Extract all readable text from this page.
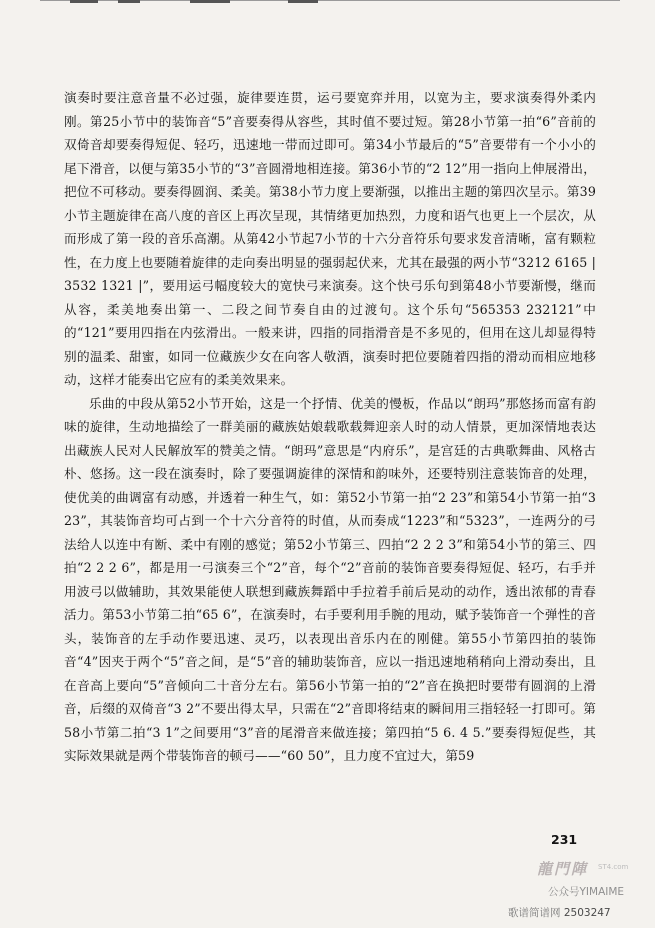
演奏时要注意音量不必过强，旋律要连贯，运弓要宽弈并用，以宽为主，要求演奏得外柔内刚。第25小节中的装饰音“5”音要奏得从容些，其时值不要过短。第28小节第一拍“6”音前的双倚音却要奏得短促、轻巧，迅速地一带而过即可。第34小节最后的“5”音要带有一个小小的尾下滑音，以便与第35小节的“3”音圆滑地相连接。第36小节的“2 12”用一指向上伸展滑出，把位不可移动。要奏得圆润、柔美。第38小节力度上要渐强，以推出主题的第四次呈示。第39小节主题旋律在高八度的音区上再次呈现，其情绪更加热烈，力度和语气也更上一个层次，从而形成了第一段的音乐高潮。从第42小节起7小节的十六分音符乐句要求发音清晰，富有颗粒性，在力度上也要随着旋律的走向奏出明显的强弱起伏来，尤其在最强的两小节“3212 6165 | 3532 1321 |”，要用运弓幅度较大的宽快弓来演奏。这个快弓乐句到第48小节要渐慢，继而从容，柔美地奏出第一、二段之间节奏自由的过渡句。这个乐句“565353 232121”中的“121”要用四指在内弦滑出。一般来讲，四指的同指滑音是不多见的，但用在这儿却显得特别的温柔、甜蜜，如同一位藏族少女在向客人敬酒，演奏时把位要随着四指的滑动而相应地移动，这样才能奏出它应有的柔美效果来。

乐曲的中段从第52小节开始，这是一个抒情、优美的慢板，作品以“朗玛”那悠扬而富有韵味的旋律，生动地描绘了一群美丽的藏族姑娘载歌载舞迎亲人时的动人情景，更加深情地表达出藏族人民对人民解放军的赞美之情。“朗玛”意思是“内府乐”，是宫廷的古典歌舞曲、风格古朴、悠扬。这一段在演奏时，除了要强调旋律的深情和韵味外，还要特别注意装饰音的处理，使优美的曲调富有动感，并透着一种生气，如：第52小节第一拍“2 23”和第54小节第一拍“3 23”，其装饰音均可占到一个十六分音符的时值，从而奏成“1223”和“5323”，一连两分的弓法给人以连中有断、柔中有刚的感觉；第52小节第三、四拍“2 2 2 3”和第54小节的第三、四拍“2 2 2 6”，都是用一弓演奏三个“2”音，每个“2”音前的装饰音要奏得短促、轻巧，右手并用波弓以做辅助，其效果能使人联想到藏族舞蹈中手拉着手前后晃动的动作，透出浓郁的青春活力。第53小节第二拍“65 6”，在演奏时，右手要利用手腕的甩动，赋予装饰音一个弹性的音头，装饰音的左手动作要迅速、灵巧，以表现出音乐内在的刚健。第55小节第四拍的装饰音“4”因夹于两个“5”音之间，是“5”音的辅助装饰音，应以一指迅速地稍稍向上滑动奏出，且在音高上要向“5”音倾向二十音分左右。第56小节第一拍的“2”音在换把时要带有圆润的上滑音，后缀的双倚音“3 2”不要出得太早，只需在“2”音即将结束的瞬间用三指轻轻一打即可。第58小节第二拍“3 1”之间要用“3”音的尾滑音来做连接；第四拍“5 6. 4 5.”要奏得短促些，其实际效果就是两个带装饰音的顿弓——“60 50”，且力度不宜过大，第59

231
龍門陣 ST4.com
公众号YIMAIME
歌谱简谱网 2503247
